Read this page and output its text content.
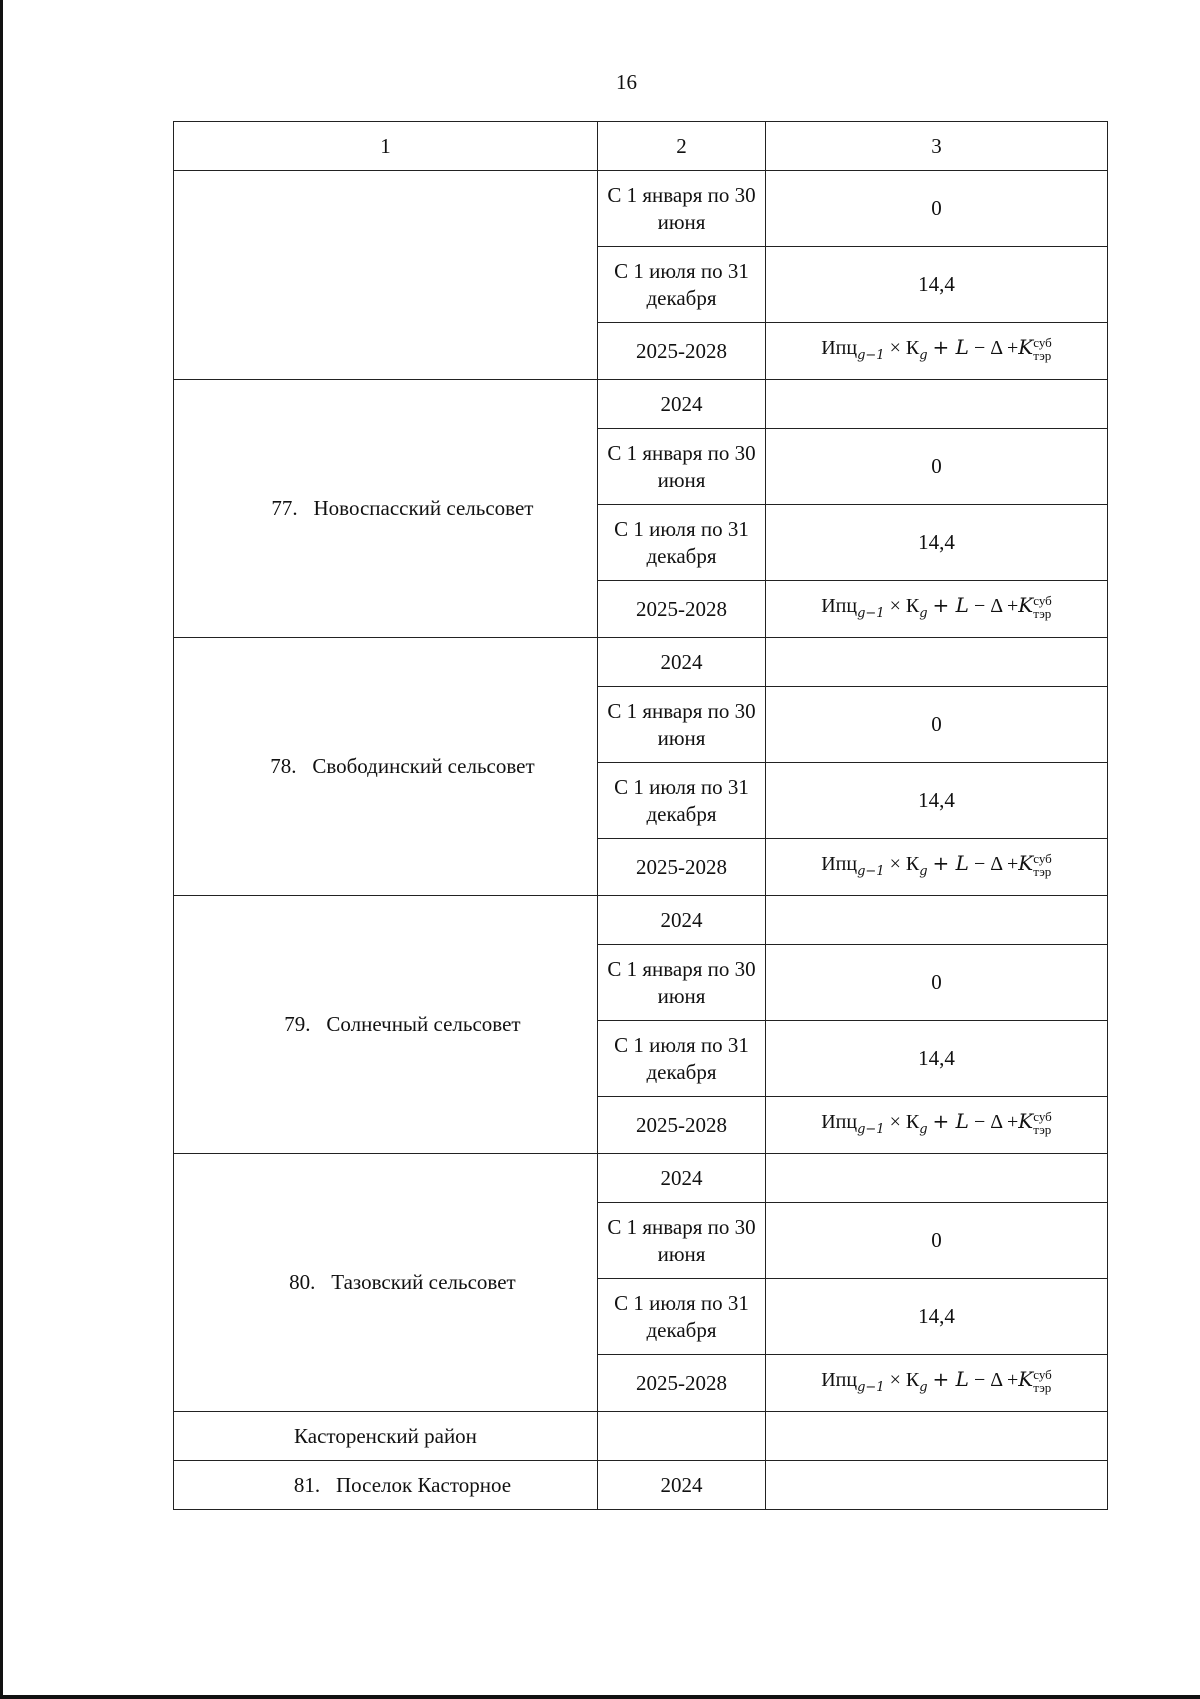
16
1	2	3
	С 1 января по 30 июня	0
	С 1 июля по 31 декабря	14,4
	2025-2028	$Ипц_{g-1} \times К_g + L - \Delta +K$ суб
тэр

77. Новоспасский сельсовет	2024	
	С 1 января по 30 июня	0
	С 1 июля по 31 декабря	14,4
	2025-2028	$Ипц_{g-1} \times К_g + L - \Delta +K$ суб
тэр

78. Свободинский сельсовет	2024	
	С 1 января по 30 июня	0
	С 1 июля по 31 декабря	14,4
	2025-2028	$Ипц_{g-1} \times К_g + L - \Delta +K$ суб
тэр

79. Солнечный сельсовет	2024	
	С 1 января по 30 июня	0
	С 1 июля по 31 декабря	14,4
	2025-2028	$Ипц_{g-1} \times К_g + L - \Delta +K$ суб
тэр

80. Тазовский сельсовет	2024	
	С 1 января по 30 июня	0
	С 1 июля по 31 декабря	14,4
	2025-2028	$Ипц_{g-1} \times К_g + L - \Delta +K$ суб
тэр

Касторенский район		
81. Поселок Касторное	2024	
